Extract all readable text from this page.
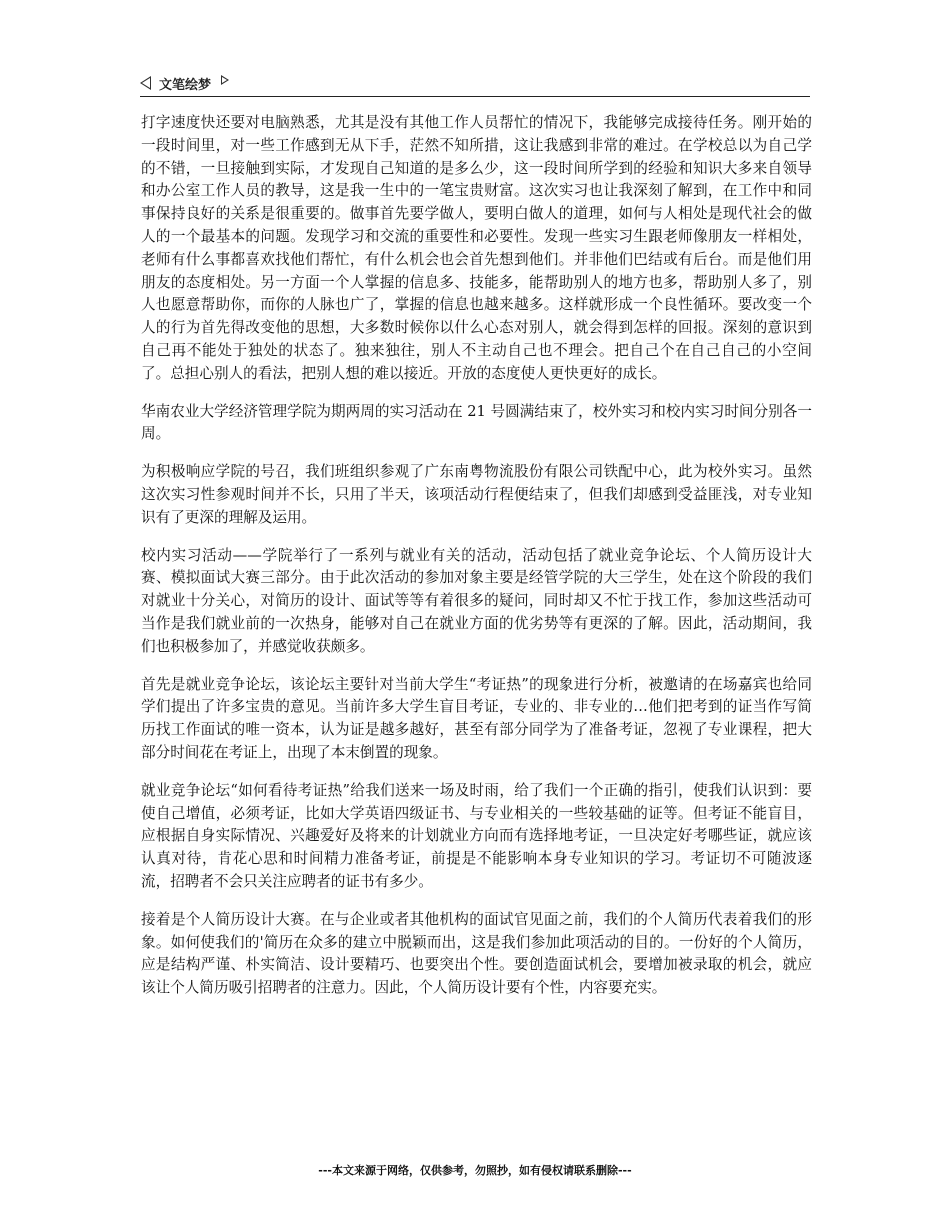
文笔绘梦

打字速度快还要对电脑熟悉，尤其是没有其他工作人员帮忙的情况下，我能够完成接待任务。刚开始的一段时间里，对一些工作感到无从下手，茫然不知所措，这让我感到非常的难过。在学校总以为自己学的不错，一旦接触到实际，才发现自己知道的是多么少，这一段时间所学到的经验和知识大多来自领导和办公室工作人员的教导，这是我一生中的一笔宝贵财富。这次实习也让我深刻了解到，在工作中和同事保持良好的关系是很重要的。做事首先要学做人，要明白做人的道理，如何与人相处是现代社会的做人的一个最基本的问题。发现学习和交流的重要性和必要性。发现一些实习生跟老师像朋友一样相处，老师有什么事都喜欢找他们帮忙，有什么机会也会首先想到他们。并非他们巴结或有后台。而是他们用朋友的态度相处。另一方面一个人掌握的信息多、技能多，能帮助别人的地方也多，帮助别人多了，别人也愿意帮助你，而你的人脉也广了，掌握的信息也越来越多。这样就形成一个良性循环。要改变一个人的行为首先得改变他的思想，大多数时候你以什么心态对别人，就会得到怎样的回报。深刻的意识到自己再不能处于独处的状态了。独来独往，别人不主动自己也不理会。把自己个在自己自己的小空间了。总担心别人的看法，把别人想的难以接近。开放的态度使人更快更好的成长。

华南农业大学经济管理学院为期两周的实习活动在 21 号圆满结束了，校外实习和校内实习时间分别各一周。

为积极响应学院的号召，我们班组织参观了广东南粤物流股份有限公司铁配中心，此为校外实习。虽然这次实习性参观时间并不长，只用了半天，该项活动行程便结束了，但我们却感到受益匪浅，对专业知识有了更深的理解及运用。

校内实习活动——学院举行了一系列与就业有关的活动，活动包括了就业竞争论坛、个人简历设计大赛、模拟面试大赛三部分。由于此次活动的参加对象主要是经管学院的大三学生，处在这个阶段的我们对就业十分关心，对简历的设计、面试等等有着很多的疑问，同时却又不忙于找工作，参加这些活动可当作是我们就业前的一次热身，能够对自己在就业方面的优劣势等有更深的了解。因此，活动期间，我们也积极参加了，并感觉收获颇多。

首先是就业竞争论坛，该论坛主要针对当前大学生“考证热”的现象进行分析，被邀请的在场嘉宾也给同学们提出了许多宝贵的意见。当前许多大学生盲目考证，专业的、非专业的…他们把考到的证当作写简历找工作面试的唯一资本，认为证是越多越好，甚至有部分同学为了准备考证，忽视了专业课程，把大部分时间花在考证上，出现了本末倒置的现象。

就业竞争论坛“如何看待考证热”给我们送来一场及时雨，给了我们一个正确的指引，使我们认识到：要使自己增值，必须考证，比如大学英语四级证书、与专业相关的一些较基础的证等。但考证不能盲目，应根据自身实际情况、兴趣爱好及将来的计划就业方向而有选择地考证，一旦决定好考哪些证，就应该认真对待，肯花心思和时间精力准备考证，前提是不能影响本身专业知识的学习。考证切不可随波逐流，招聘者不会只关注应聘者的证书有多少。

接着是个人简历设计大赛。在与企业或者其他机构的面试官见面之前，我们的个人简历代表着我们的形象。如何使我们的'简历在众多的建立中脱颖而出，这是我们参加此项活动的目的。一份好的个人简历，应是结构严谨、朴实简洁、设计要精巧、也要突出个性。要创造面试机会，要增加被录取的机会，就应该让个人简历吸引招聘者的注意力。因此，个人简历设计要有个性，内容要充实。

---本文来源于网络，仅供参考，勿照抄，如有侵权请联系删除---
